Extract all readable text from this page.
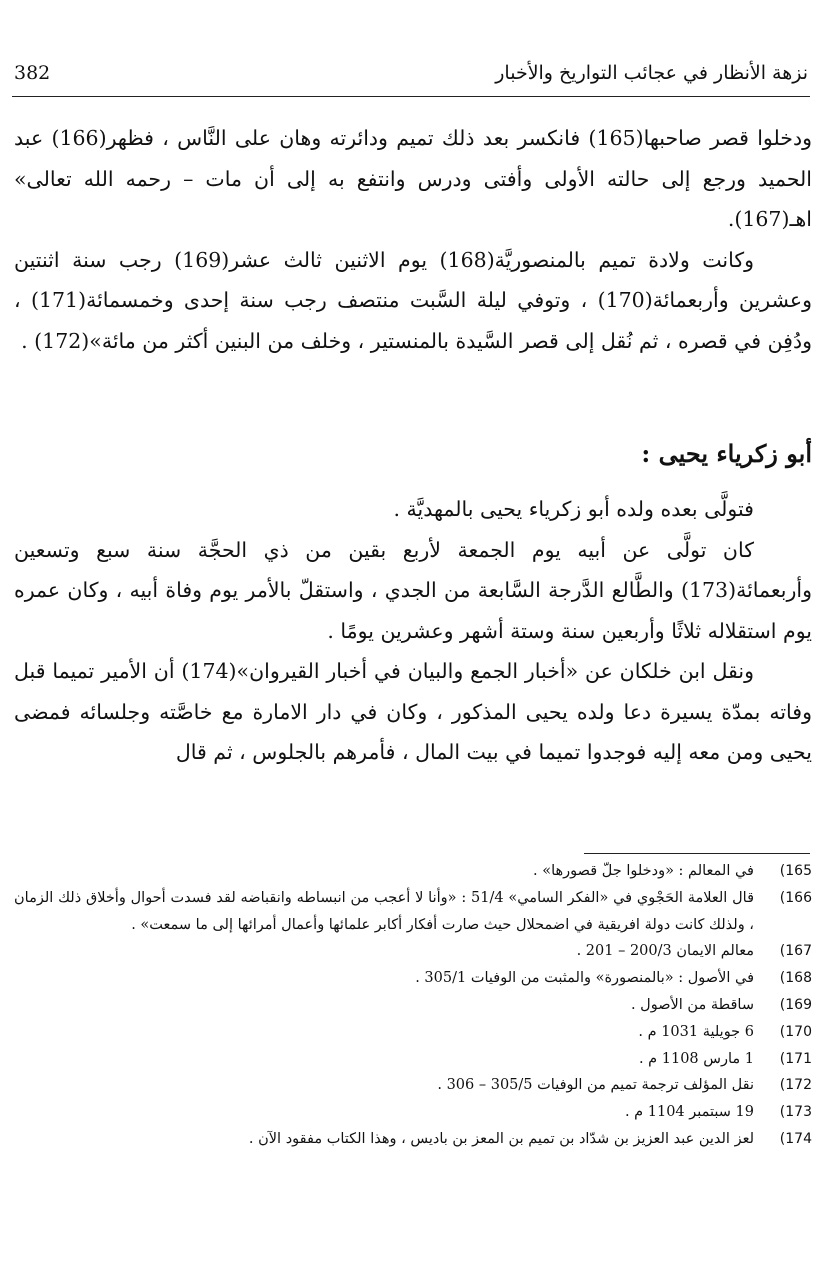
382	نزهة الأنظار في عجائب التواريخ والأخبار

ودخلوا قصر صاحبها(165) فانكسر بعد ذلك تميم ودائرته وهان على النَّاس ، فظهر(166) عبد الحميد ورجع إلى حالته الأولى وأفتى ودرس وانتفع به إلى أن مات – رحمه الله تعالى» اهـ(167).

وكانت ولادة تميم بالمنصوريَّة(168) يوم الاثنين ثالث عشر(169) رجب سنة اثنتين وعشرين وأربعمائة(170) ، وتوفي ليلة السَّبت منتصف رجب سنة إحدى وخمسمائة(171) ، ودُفِن في قصره ، ثم نُقل إلى قصر السَّيدة بالمنستير ، وخلف من البنين أكثر من مائة»(172) .

أبو زكرياء يحيى :

فتولَّى بعده ولده أبو زكرياء يحيى بالمهديَّة .

كان تولَّى عن أبيه يوم الجمعة لأربع بقين من ذي الحجَّة سنة سبع وتسعين وأربعمائة(173) والطَّالع الدَّرجة السَّابعة من الجدي ، واستقلّ بالأمر يوم وفاة أبيه ، وكان عمره يوم استقلاله ثلاثًا وأربعين سنة وستة أشهر وعشرين يومًا .

ونقل ابن خلكان عن «أخبار الجمع والبيان في أخبار القيروان»(174) أن الأمير تميما قبل وفاته بمدّة يسيرة دعا ولده يحيى المذكور ، وكان في دار الامارة مع خاصَّته وجلسائه فمضى يحيى ومن معه إليه فوجدوا تميما في بيت المال ، فأمرهم بالجلوس ، ثم قال

165)
في المعالم : «ودخلوا جلّ قصورها» .
166)
قال العلامة الحَجْوي في «الفكر السامي» 51/4 : «وأنا لا أعجب من انبساطه وانقباضه لقد فسدت أحوال وأخلاق ذلك الزمان ، ولذلك كانت دولة افريقية في اضمحلال حيث صارت أفكار أكابر علمائها وأعمال أمرائها إلى ما سمعت» .
167)
معالم الايمان 200/3 – 201 .
168)
في الأصول : «بالمنصورة» والمثبت من الوفيات 305/1 .
169)
ساقطة من الأصول .
170)
6 جويلية 1031 م .
171)
1 مارس 1108 م .
172)
نقل المؤلف ترجمة تميم من الوفيات 305/5 – 306 .
173)
19 سبتمبر 1104 م .
174)
لعز الدين عبد العزيز بن شدّاد بن تميم بن المعز بن باديس ، وهذا الكتاب مفقود الآن .
